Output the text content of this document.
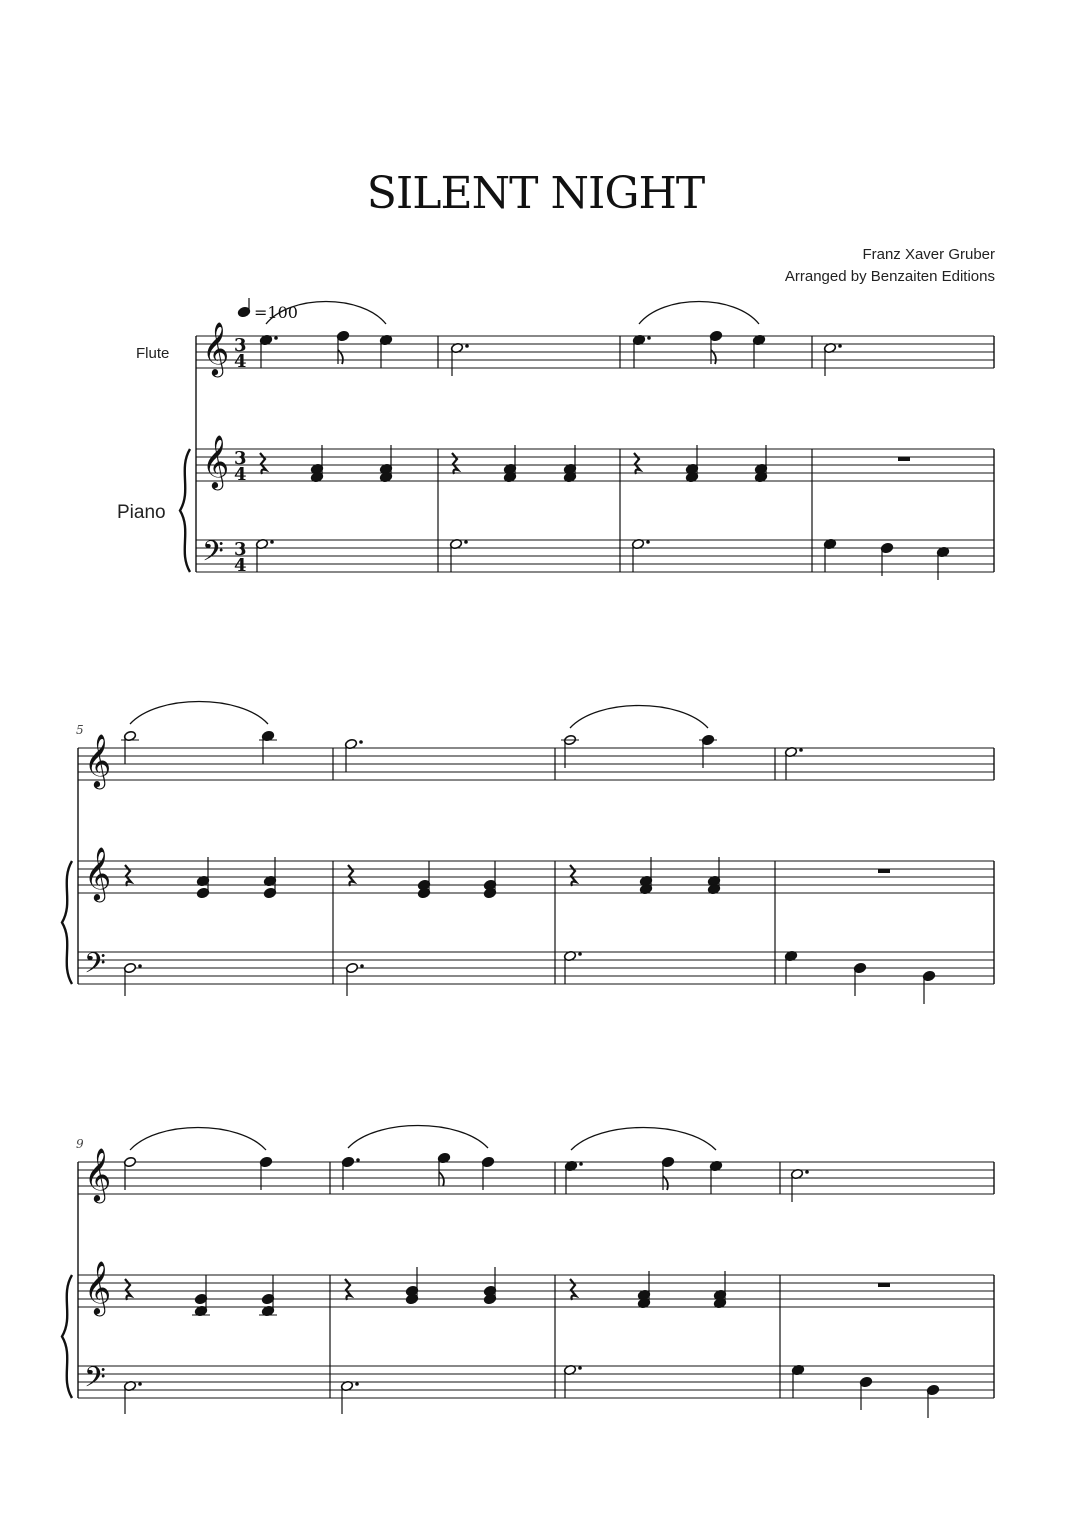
SILENT NIGHT
Franz Xaver Gruber
Arranged by Benzaiten Editions
𝄞
𝄞
𝄢
𝄞
𝄞
𝄢
5
𝄞
𝄞
𝄢
9
3
4
3
4
3
4
Flute
Piano
=100
